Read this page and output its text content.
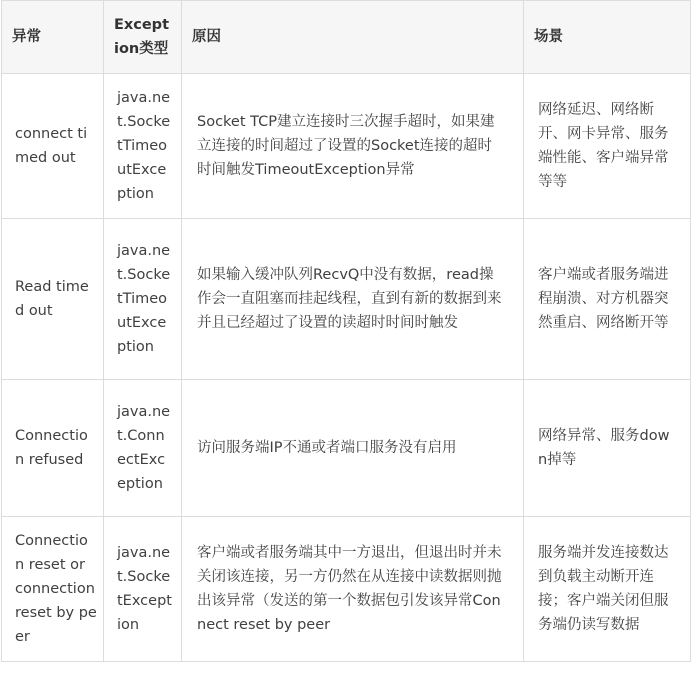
异常	Exception类型	原因	场景
connect timed out	java.net.SocketTimeoutException	Socket TCP建立连接时三次握手超时，如果建立连接的时间超过了设置的Socket连接的超时时间触发TimeoutException异常	网络延迟、网络断开、网卡异常、服务端性能、客户端异常等等
Read timed out	java.net.SocketTimeoutException	如果输入缓冲队列RecvQ中没有数据，read操作会一直阻塞而挂起线程，直到有新的数据到来并且已经超过了设置的读超时时间时触发	客户端或者服务端进程崩溃、对方机器突然重启、网络断开等
Connection refused	java.net.ConnectException	访问服务端IP不通或者端口服务没有启用	网络异常、服务down掉等
Connection reset or connection reset by peer	java.net.SocketException	客户端或者服务端其中一方退出，但退出时并未关闭该连接，另一方仍然在从连接中读数据则抛出该异常（发送的第一个数据包引发该异常Connect reset by peer	服务端并发连接数达到负载主动断开连接；客户端关闭但服务端仍读写数据
